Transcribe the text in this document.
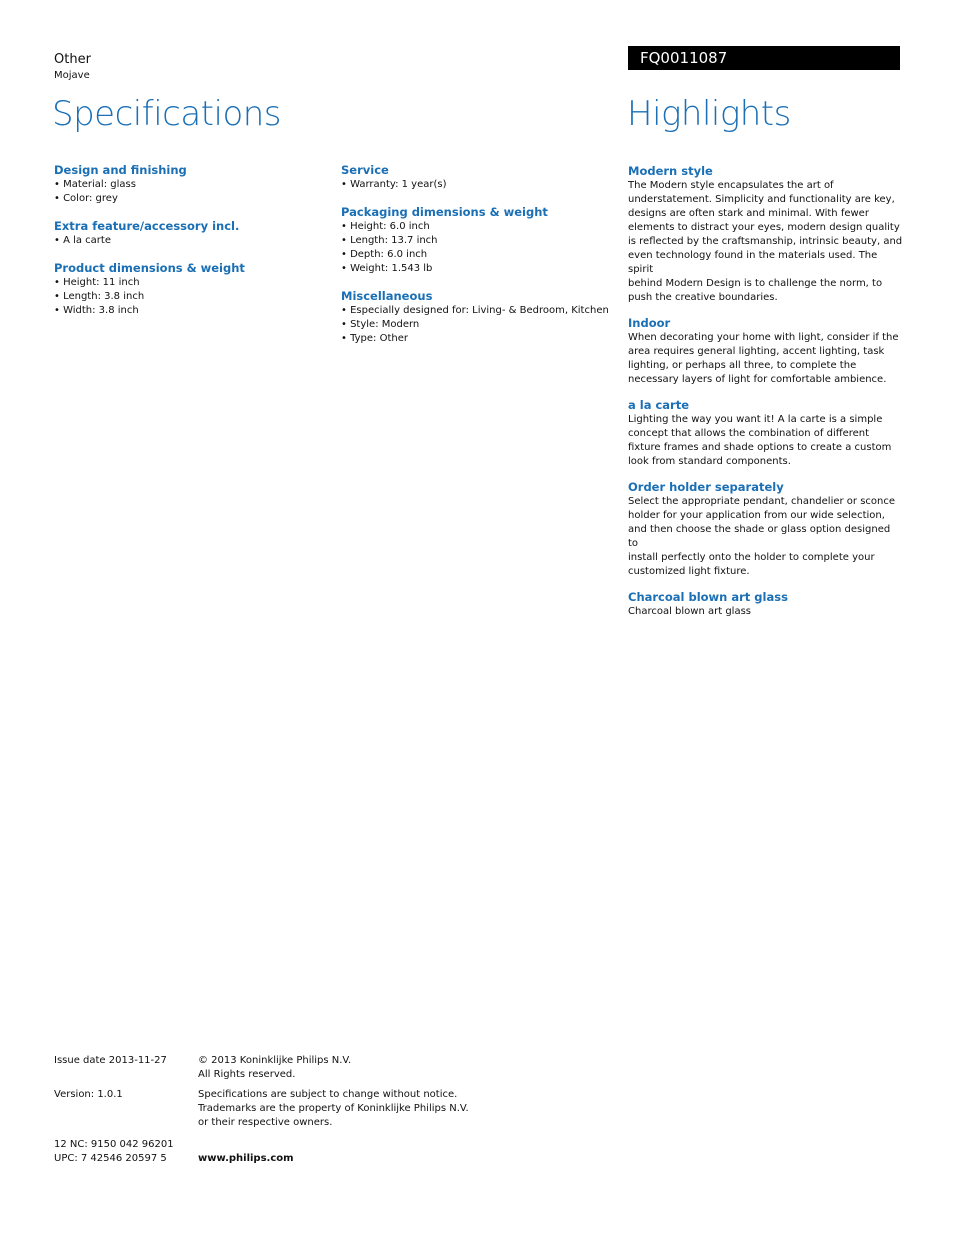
Other
Mojave
FQ0011087
Specifications	Highlights
Design and finishing
• Material: glass
• Color: grey
Extra feature/accessory incl.
• A la carte
Product dimensions & weight
• Height: 11 inch
• Length: 3.8 inch
• Width: 3.8 inch
Service
• Warranty: 1 year(s)
Packaging dimensions & weight
• Height: 6.0 inch
• Length: 13.7 inch
• Depth: 6.0 inch
• Weight: 1.543 lb
Miscellaneous
• Especially designed for: Living- & Bedroom, Kitchen
• Style: Modern
• Type: Other
Modern style
The Modern style encapsulates the art of
understatement. Simplicity and functionality are key,
designs are often stark and minimal. With fewer
elements to distract your eyes, modern design quality
is reflected by the craftsmanship, intrinsic beauty, and
even technology found in the materials used. The spirit
behind Modern Design is to challenge the norm, to
push the creative boundaries.
Indoor
When decorating your home with light, consider if the
area requires general lighting, accent lighting, task
lighting, or perhaps all three, to complete the
necessary layers of light for comfortable ambience.
a la carte
Lighting the way you want it! A la carte is a simple
concept that allows the combination of different
fixture frames and shade options to create a custom
look from standard components.
Order holder separately
Select the appropriate pendant, chandelier or sconce
holder for your application from our wide selection,
and then choose the shade or glass option designed to
install perfectly onto the holder to complete your
customized light fixture.
Charcoal blown art glass
Charcoal blown art glass
Issue date 2013-11-27
Version: 1.0.1
12 NC: 9150 042 96201
UPC: 7 42546 20597 5
© 2013 Koninklijke Philips N.V.
All Rights reserved.
Specifications are subject to change without notice.
Trademarks are the property of Koninklijke Philips N.V.
or their respective owners.
www.philips.com
